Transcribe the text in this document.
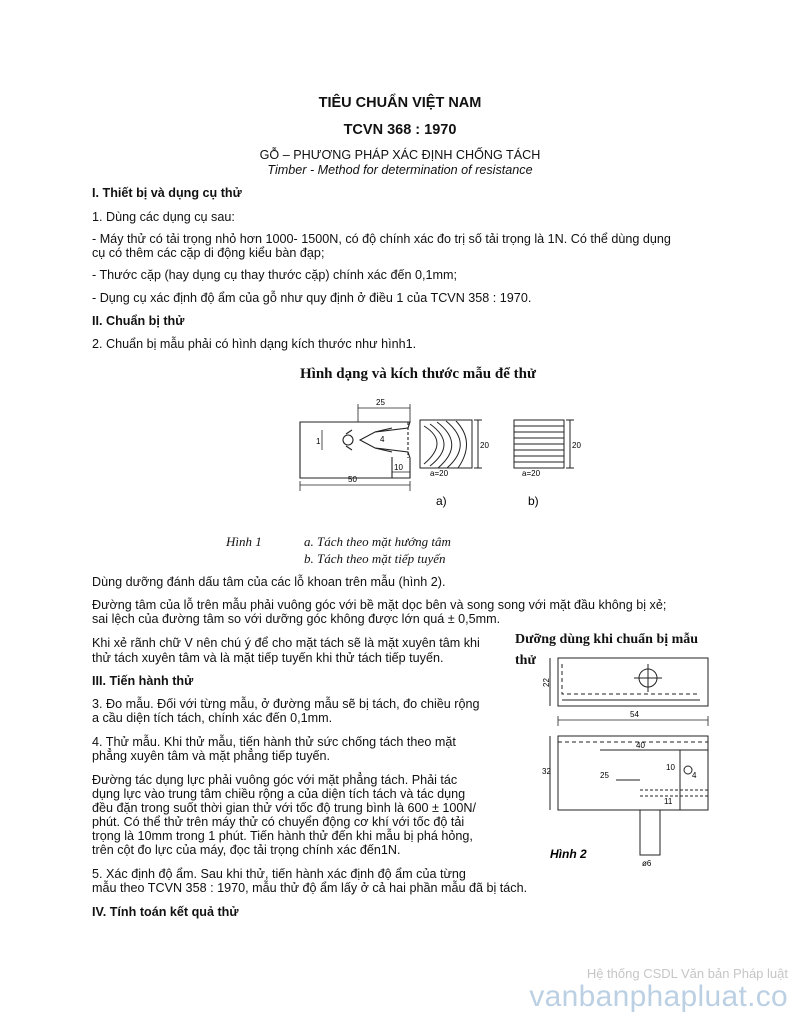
TIÊU CHUẨN VIỆT NAM
TCVN 368 : 1970
GỖ – PHƯƠNG PHÁP XÁC ĐỊNH CHỐNG TÁCH
Timber - Method for determination of resistance
I. Thiết bị và dụng cụ thử
1. Dùng các dụng cụ sau:
- Máy thử có tải trọng nhỏ hơn 1000- 1500N, có độ chính xác đo trị số tải trọng là 1N. Có thể dùng dụng
cụ có thêm các cặp di động kiểu bàn đạp;
- Thước cặp (hay dụng cụ thay thước cặp) chính xác đến 0,1mm;
- Dụng cụ xác định độ ẩm của gỗ như quy định ở điều 1 của TCVN 358 : 1970.
II. Chuẩn bị thử
2. Chuẩn bị mẫu phải có hình dạng kích thước như hình1.
Hình dạng và kích thước mẫu để thử
25
50
10
4
1	20
a=20
a)
20
a=20
b)
Hình 1	a. Tách theo mặt hướng tâm
b. Tách theo mặt tiếp tuyến
Dùng dưỡng đánh dấu tâm của các lỗ khoan trên mẫu (hình 2).
Đường tâm của lỗ trên mẫu phải vuông góc với bề mặt dọc bên và song song với mặt đầu không bị xẻ;
sai lệch của đường tâm so với dưỡng góc không được lớn quá ± 0,5mm.
Khi xẻ rãnh chữ V nên chú ý để cho mặt tách sẽ là mặt xuyên tâm khi
thử tách xuyên tâm và là mặt tiếp tuyến khi thử tách tiếp tuyến.
III. Tiến hành thử
3. Đo mẫu. Đối với từng mẫu, ở đường mẫu sẽ bị tách, đo chiều rộng
a cầu diện tích tách, chính xác đến 0,1mm.
4. Thử mẫu. Khi thử mẫu, tiến hành thử sức chống tách theo mặt
phẳng xuyên tâm và mặt phẳng tiếp tuyến.
Đường tác dụng lực phải vuông góc với mặt phẳng tách. Phải tác
dụng lực vào trung tâm chiều rộng a của diện tích tách và tác dụng
đều đặn trong suốt thời gian thử với tốc độ trung bình là 600 ± 100N/
phút. Có thể thử trên máy thử có chuyển động cơ khí với tốc độ tải
trọng là 10mm trong 1 phút. Tiến hành thử đến khi mẫu bị phá hỏng,
trên cột đo lực của máy, đọc tải trọng chính xác đến1N.
5. Xác định độ ẩm. Sau khi thử, tiến hành xác định độ ẩm của từng
mẫu theo TCVN 358 : 1970, mẫu thử độ ẩm lấy ở cả hai phần mẫu đã bị tách.
IV. Tính toán kết quả thử
Dưỡng dùng khi chuẩn bị mẫu
thử
22
54
40
32	25
10
4
11
ø6
Hình 2
Hệ thống CSDL Văn bản Pháp luật
vanbanphapluat.co
